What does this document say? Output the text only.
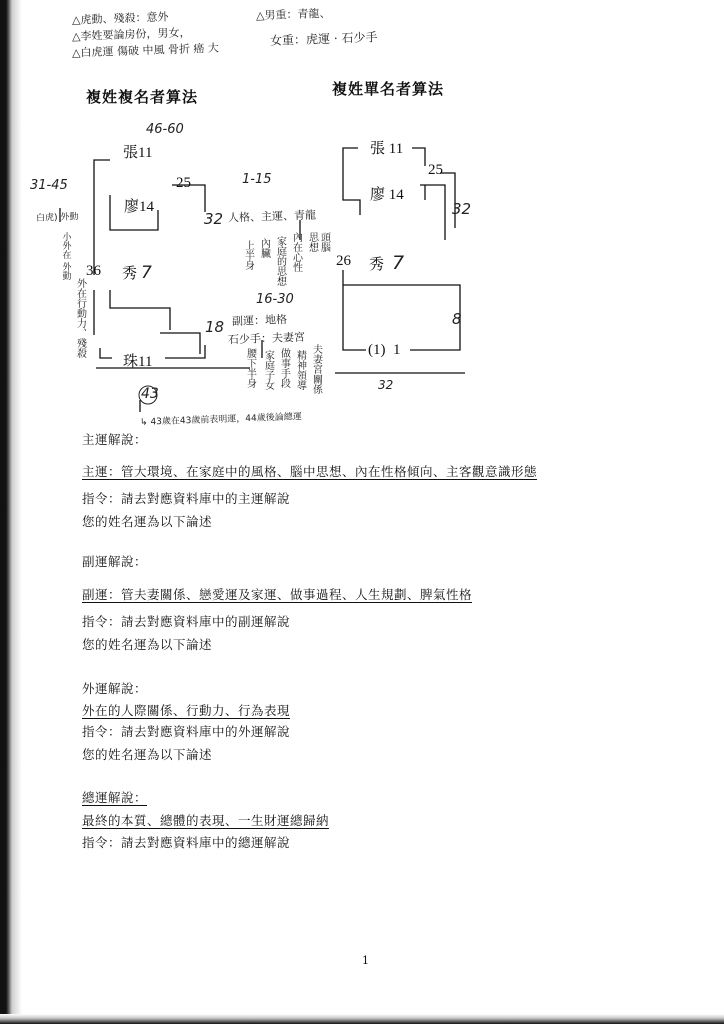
△虎動、殘殺：意外
△李姓要論房份，男女，
△白虎運 傷破 中風 骨折 癌 大
△男重：青龍、
女重：虎運 · 石少手
複姓複名者算法	複姓單名者算法
46-60
張11
31-45	25
廖14
32
36 秀 7
18
珠11
43
1-15
16-30
張 11
25
廖 14
32
26 秀 7
8
(1) 1
32
白虎) 外動
外在行動力、殘殺
小外在 外動
人格、主運、青龍
上半身 內臟 家庭的思想 內在心性 思想 頭腦
副運：地格
石少手：夫妻宮
腰下半身 家庭子女 做事手段 精神領導 夫妻宮關係
↳ 43歲在43歲前表明運，44歲後論總運
主運解說：
主運：管大環境、在家庭中的風格、腦中思想、內在性格傾向、主客觀意識形態
指令：請去對應資料庫中的主運解說
您的姓名運為以下論述
副運解說：
副運：管夫妻關係、戀愛運及家運、做事過程、人生規劃、脾氣性格
指令：請去對應資料庫中的副運解說
您的姓名運為以下論述
外運解說：
外在的人際關係、行動力、行為表現
指令：請去對應資料庫中的外運解說
您的姓名運為以下論述
總運解說：
最終的本質、總體的表現、一生財運總歸納
指令：請去對應資料庫中的總運解說
1
